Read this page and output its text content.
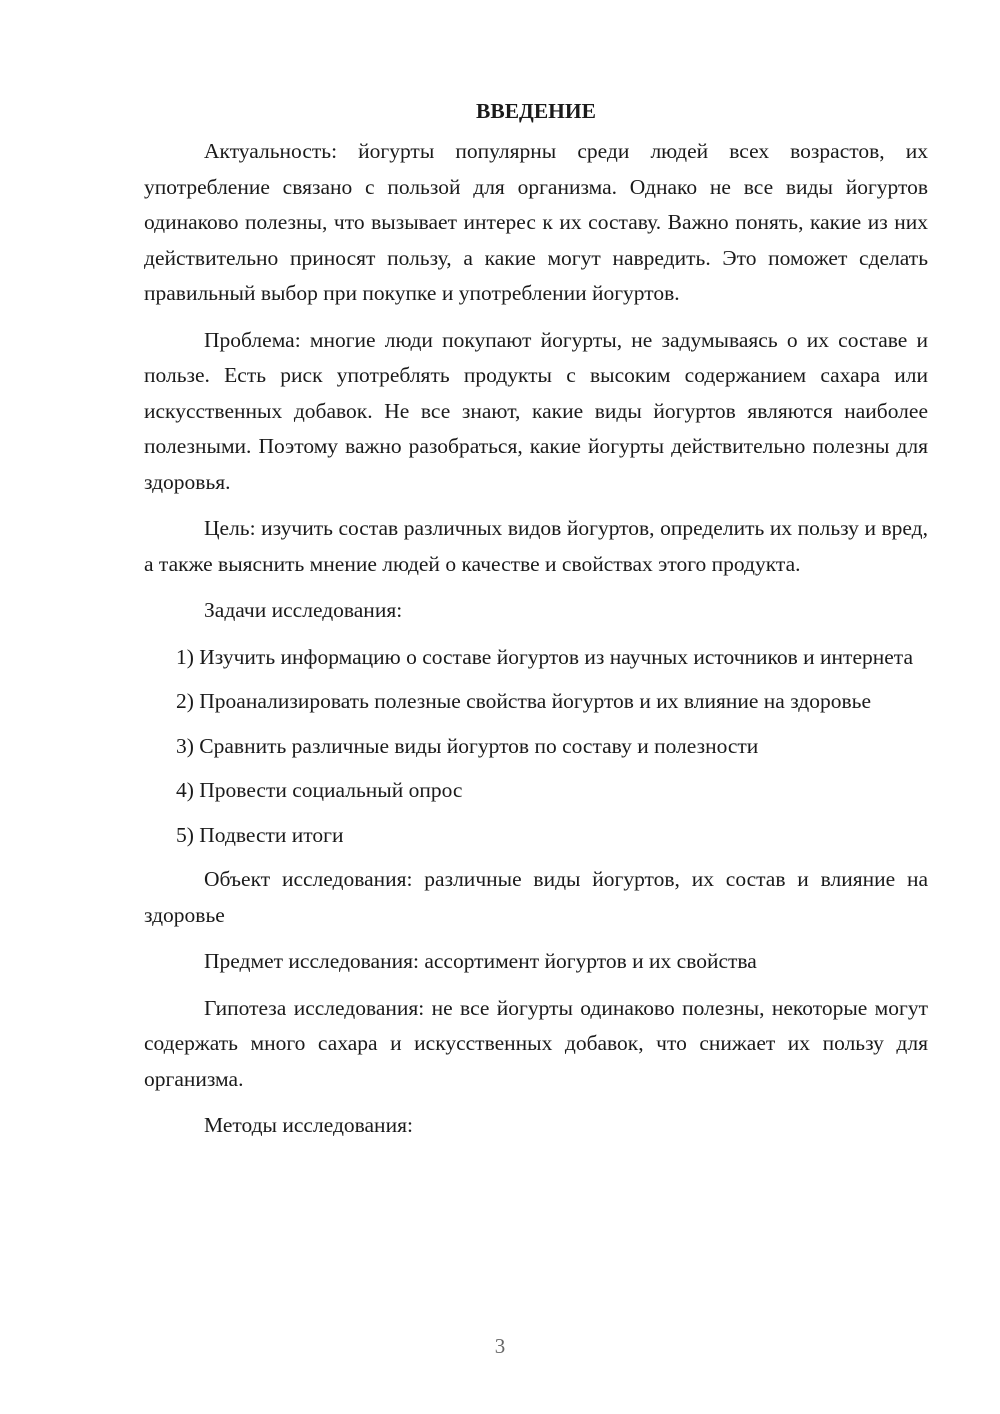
ВВЕДЕНИЕ

Актуальность: йогурты популярны среди людей всех возрастов, их употребление связано с пользой для организма. Однако не все виды йогуртов одинаково полезны, что вызывает интерес к их составу. Важно понять, какие из них действительно приносят пользу, а какие могут навредить. Это поможет сделать правильный выбор при покупке и употреблении йогуртов.

Проблема: многие люди покупают йогурты, не задумываясь о их составе и пользе. Есть риск употреблять продукты с высоким содержанием сахара или искусственных добавок. Не все знают, какие виды йогуртов являются наиболее полезными. Поэтому важно разобраться, какие йогурты действительно полезны для здоровья.

Цель: изучить состав различных видов йогуртов, определить их пользу и вред, а также выяснить мнение людей о качестве и свойствах этого продукта.

Задачи исследования:

1) Изучить информацию о составе йогуртов из научных источников и интернета

2) Проанализировать полезные свойства йогуртов и их влияние на здоровье

3) Сравнить различные виды йогуртов по составу и полезности

4) Провести социальный опрос

5) Подвести итоги

Объект исследования: различные виды йогуртов, их состав и влияние на здоровье

Предмет исследования: ассортимент йогуртов и их свойства

Гипотеза исследования: не все йогурты одинаково полезны, некоторые могут содержать много сахара и искусственных добавок, что снижает их пользу для организма.

Методы исследования:

3
